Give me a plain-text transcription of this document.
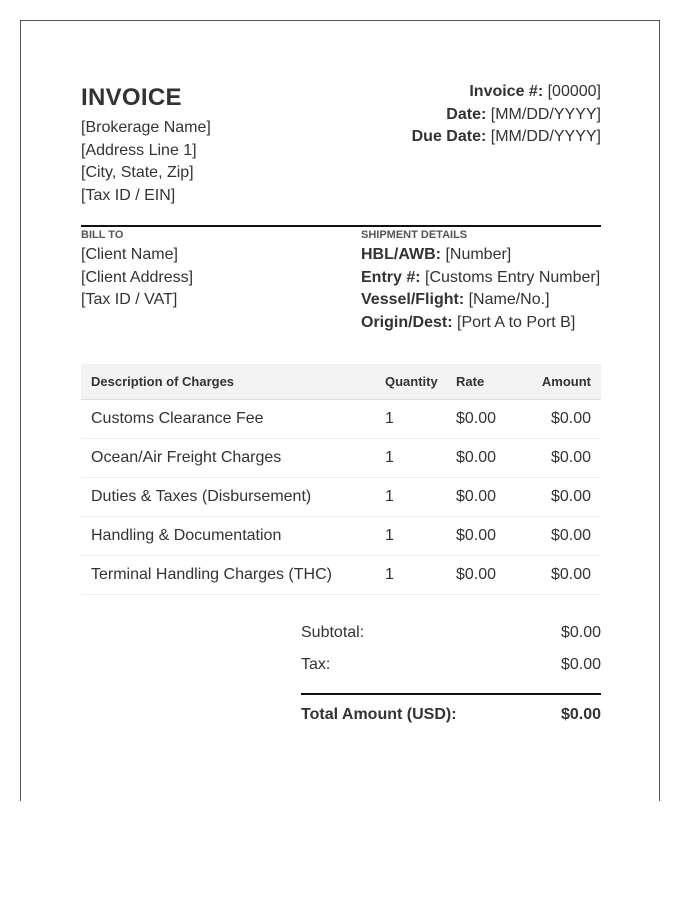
INVOICE
[Brokerage Name]
[Address Line 1]
[City, State, Zip]
[Tax ID / EIN]
Invoice #: [00000]
Date: [MM/DD/YYYY]
Due Date: [MM/DD/YYYY]
BILL TO
[Client Name]
[Client Address]
[Tax ID / VAT]
SHIPMENT DETAILS
HBL/AWB: [Number]
Entry #: [Customs Entry Number]
Vessel/Flight: [Name/No.]
Origin/Dest: [Port A to Port B]
Description of Charges	Quantity	Rate	Amount
Customs Clearance Fee	1	$0.00	$0.00
Ocean/Air Freight Charges	1	$0.00	$0.00
Duties & Taxes (Disbursement)	1	$0.00	$0.00
Handling & Documentation	1	$0.00	$0.00
Terminal Handling Charges (THC)	1	$0.00	$0.00
Subtotal:	$0.00
Tax:	$0.00
Total Amount (USD):	$0.00
